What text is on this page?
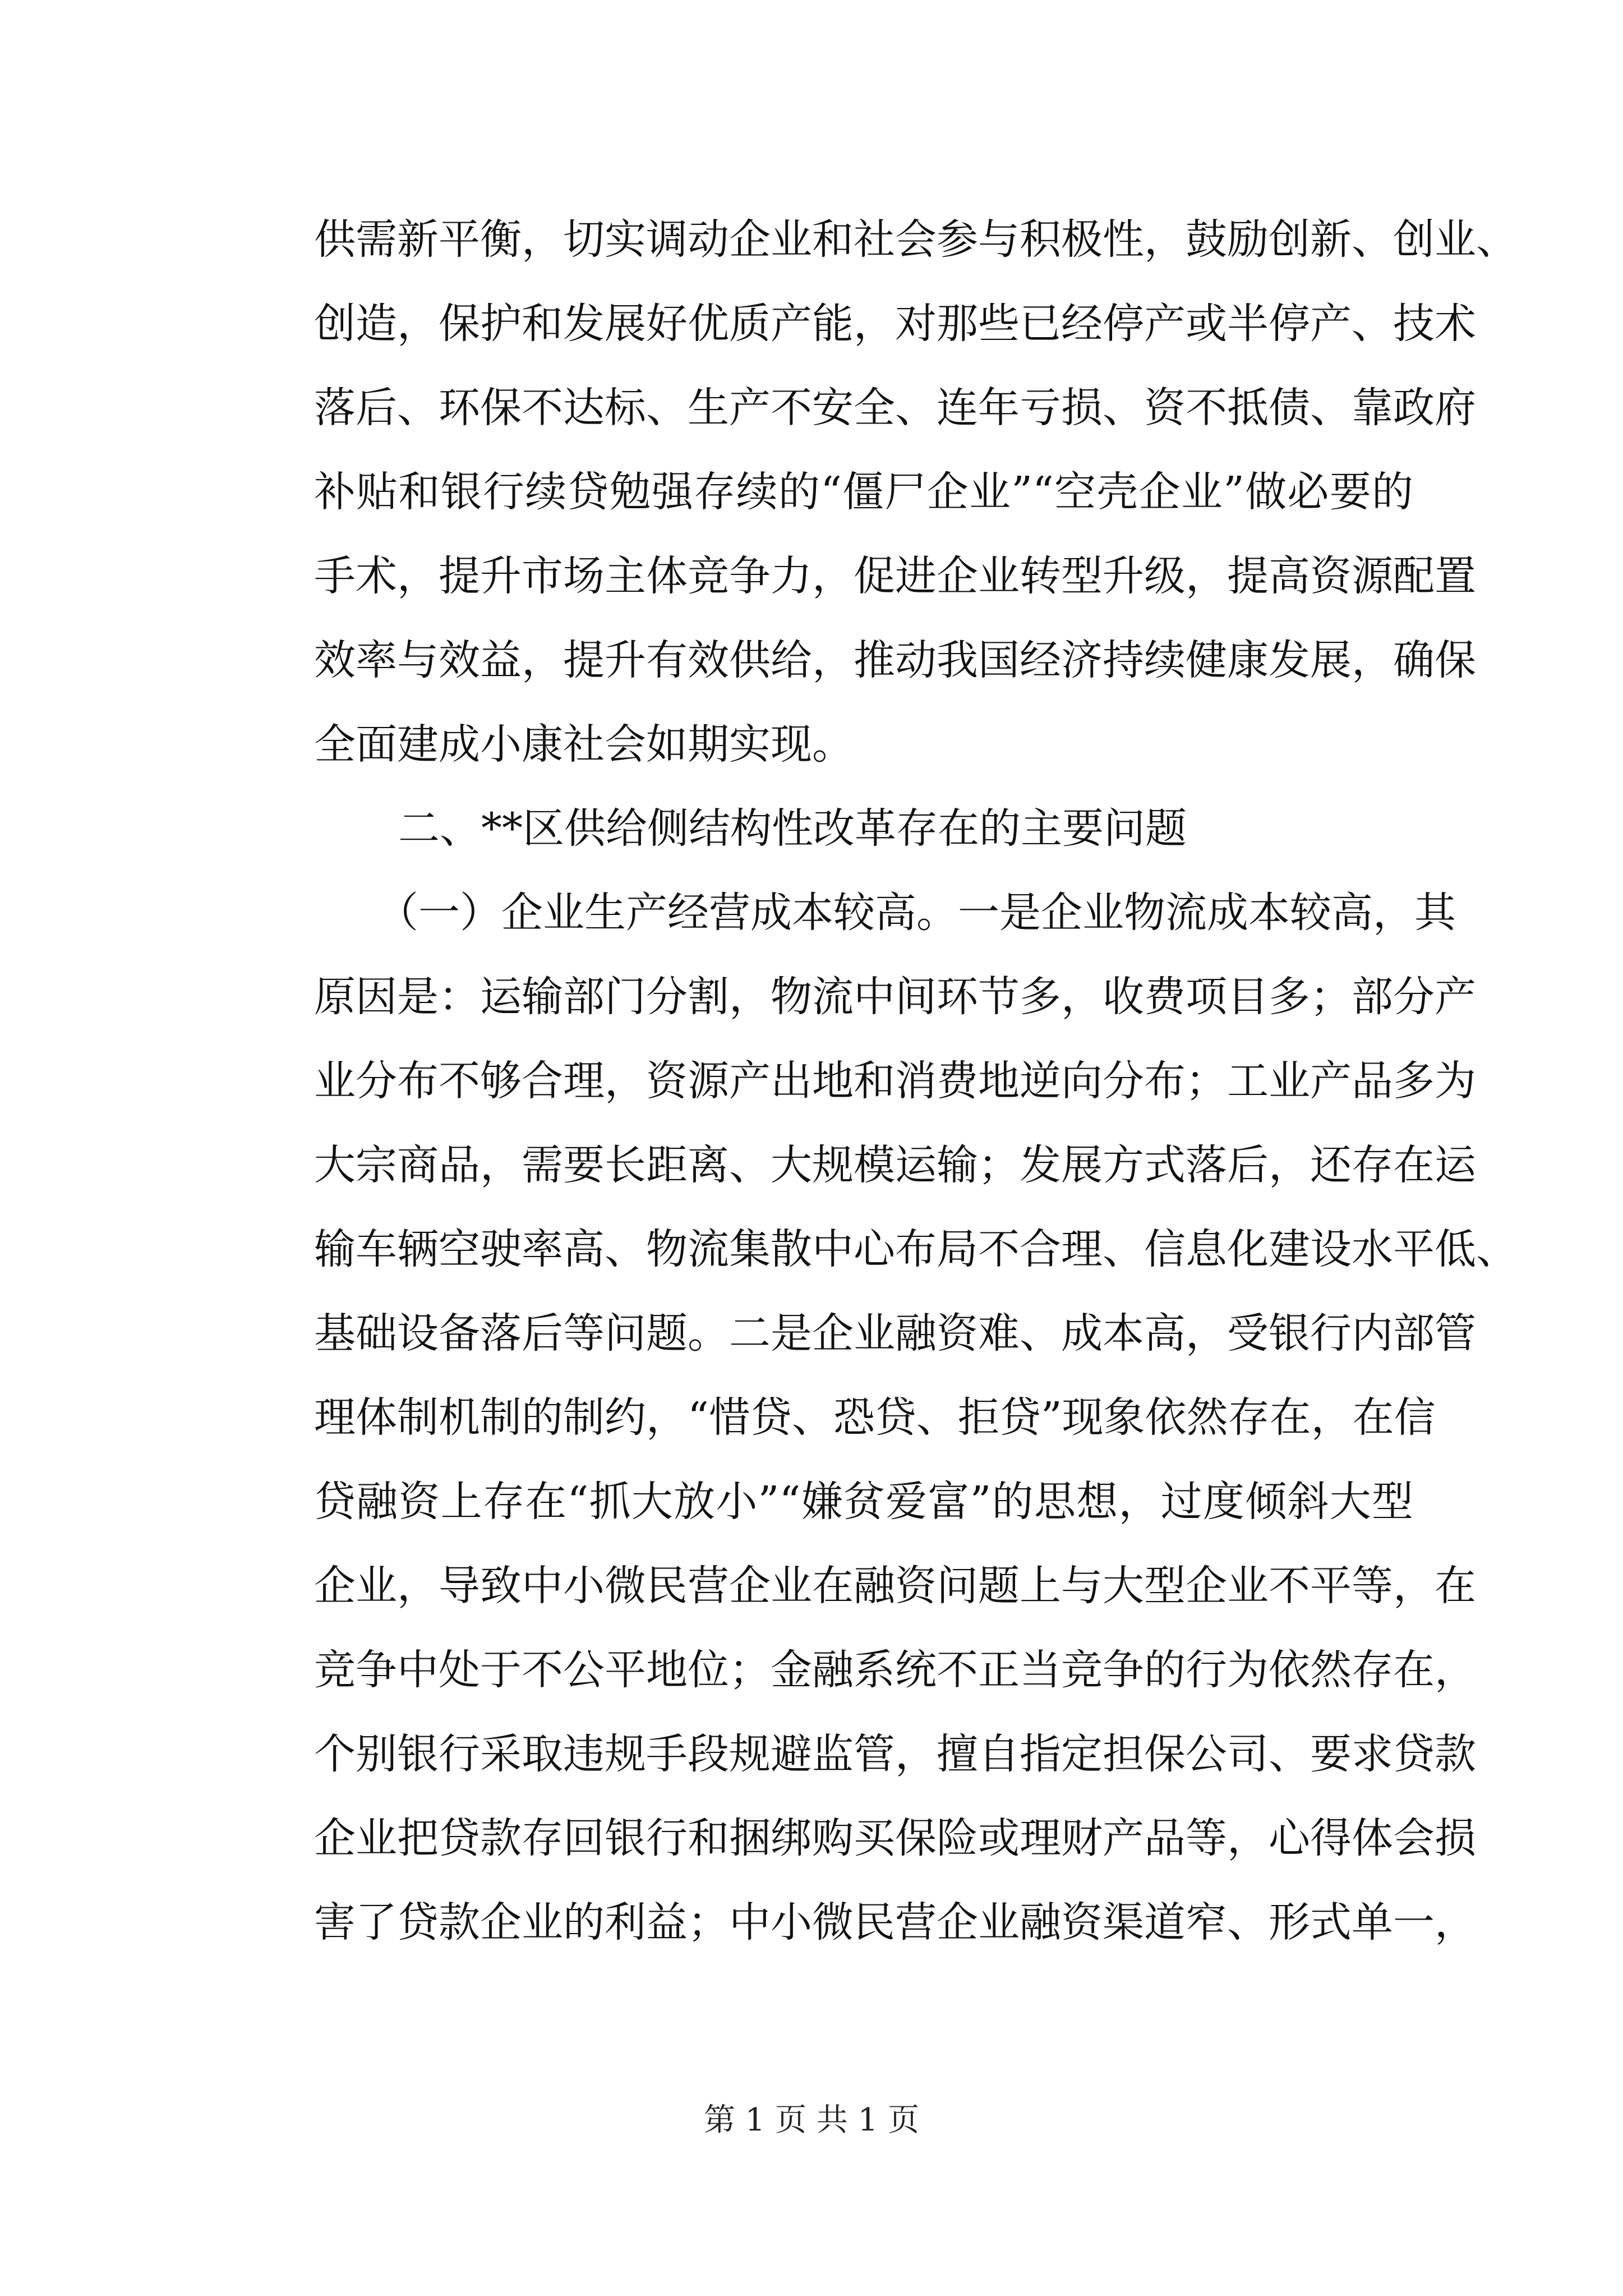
供需新平衡，切实调动企业和社会参与积极性，鼓励创新、创业、
创造，保护和发展好优质产能，对那些已经停产或半停产、技术
落后、环保不达标、生产不安全、连年亏损、资不抵债、靠政府
补贴和银行续贷勉强存续的“僵尸企业”“空壳企业”做必要的
手术，提升市场主体竞争力，促进企业转型升级，提高资源配置
效率与效益，提升有效供给，推动我国经济持续健康发展，确保
全面建成小康社会如期实现。
二、**区供给侧结构性改革存在的主要问题
（一）企业生产经营成本较高。一是企业物流成本较高，其
原因是：运输部门分割，物流中间环节多，收费项目多；部分产
业分布不够合理，资源产出地和消费地逆向分布；工业产品多为
大宗商品，需要长距离、大规模运输；发展方式落后，还存在运
输车辆空驶率高、物流集散中心布局不合理、信息化建设水平低、
基础设备落后等问题。二是企业融资难、成本高，受银行内部管
理体制机制的制约，“惜贷、恐贷、拒贷”现象依然存在，在信
贷融资上存在“抓大放小”“嫌贫爱富”的思想，过度倾斜大型
企业，导致中小微民营企业在融资问题上与大型企业不平等，在
竞争中处于不公平地位；金融系统不正当竞争的行为依然存在，
个别银行采取违规手段规避监管，擅自指定担保公司、要求贷款
企业把贷款存回银行和捆绑购买保险或理财产品等，心得体会损
害了贷款企业的利益；中小微民营企业融资渠道窄、形式单一，
第 1 页 共 1 页
